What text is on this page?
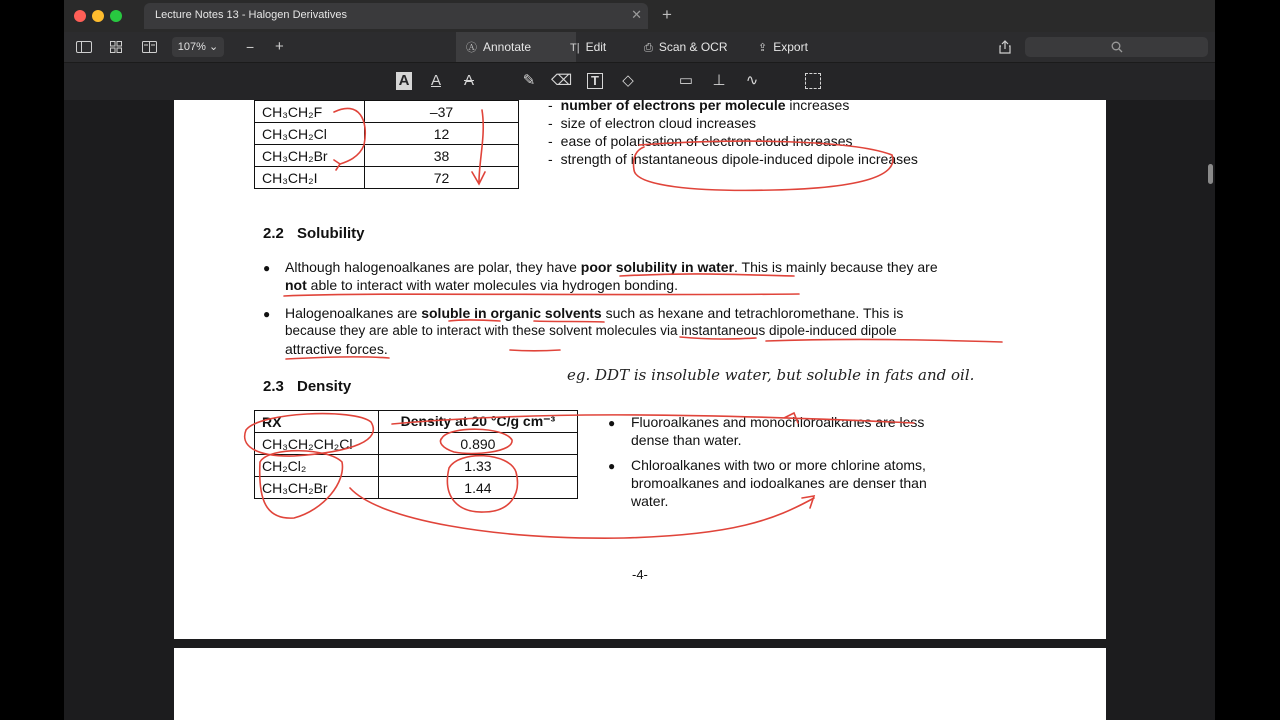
Lecture Notes 13 - Halogen Derivatives	✕ +
107% ⌄	− +	Ⓐ Annotate	T| Edit	⎙ Scan & OCR	⇪ Export
A	A	A	✎ ⌫	T ◇	▭ ⊥ ∿
CH₃CH₂F	–37
CH₃CH₂Cl	12
CH₃CH₂Br	38
CH₃CH₂I	72
- number of electrons per molecule increases
- size of electron cloud increases
- ease of polarisation of electron cloud increases
- strength of instantaneous dipole-induced dipole increases
2.2 Solubility
● Although halogenoalkanes are polar, they have poor solubility in water. This is mainly because they are
not able to interact with water molecules via hydrogen bonding.
● Halogenoalkanes are soluble in organic solvents such as hexane and tetrachloromethane. This is
because they are able to interact with these solvent molecules via instantaneous dipole-induced dipole
attractive forces.
eg. DDT is insoluble water, but soluble in fats and oil.
2.3 Density
RX	Density at 20 °C/g cm⁻³
CH₃CH₂CH₂Cl	0.890
CH₂Cl₂	1.33
CH₃CH₂Br	1.44
● Fluoroalkanes and monochloroalkanes are less
dense than water.
● Chloroalkanes with two or more chlorine atoms,
bromoalkanes and iodoalkanes are denser than
water.
-4-
